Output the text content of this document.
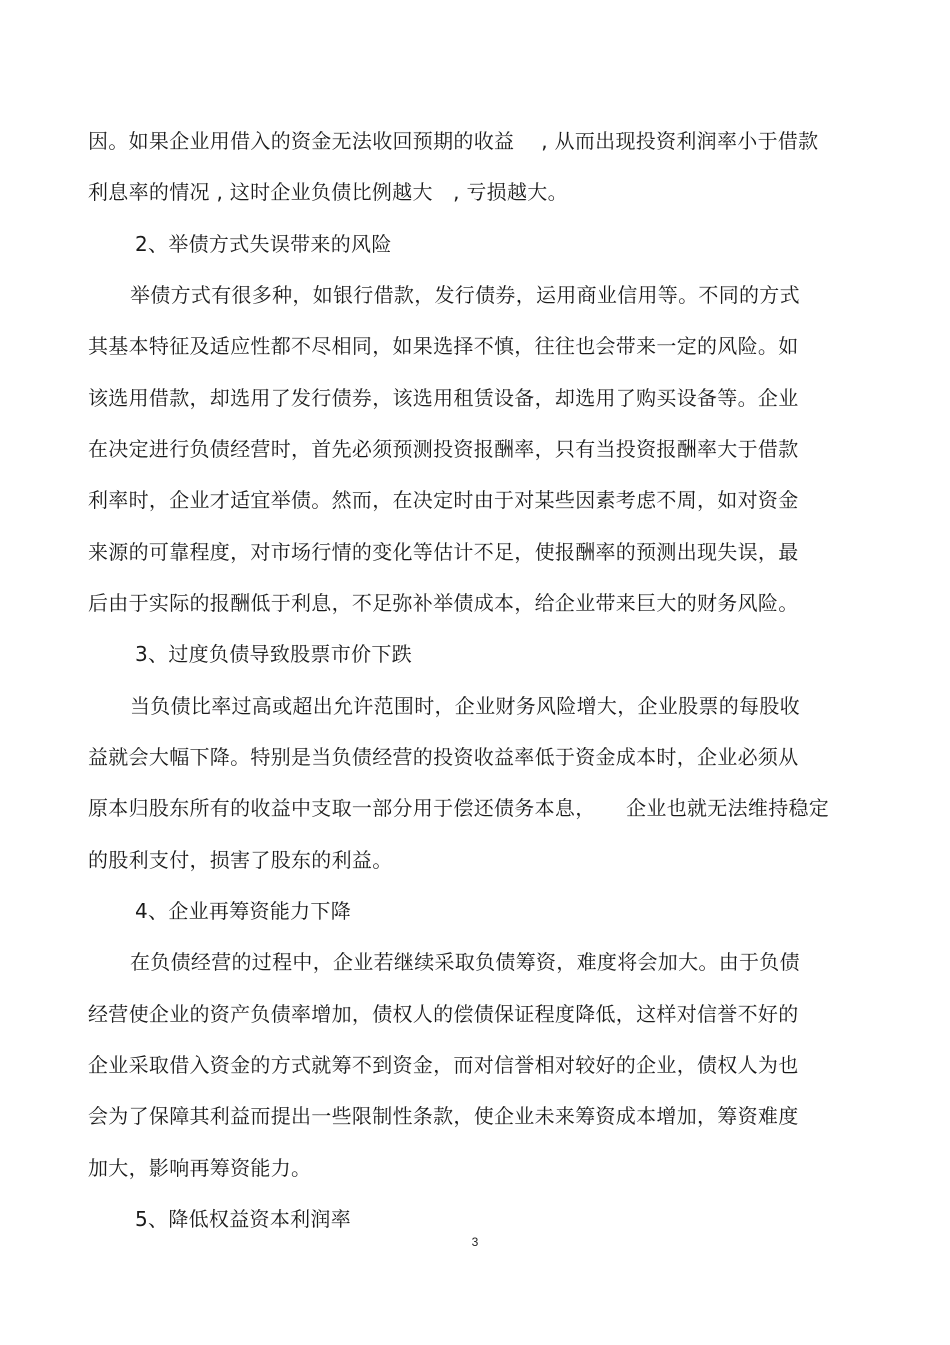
因。如果企业用借入的资金无法收回预期的收益　 , 从而出现投资利润率小于借款
利息率的情况 , 这时企业负债比例越大　, 亏损越大。
2、举债方式失误带来的风险
举债方式有很多种，如银行借款，发行债券，运用商业信用等。不同的方式
其基本特征及适应性都不尽相同，如果选择不慎，往往也会带来一定的风险。如
该选用借款，却选用了发行债券，该选用租赁设备，却选用了购买设备等。企业
在决定进行负债经营时，首先必须预测投资报酬率，只有当投资报酬率大于借款
利率时，企业才适宜举债。然而，在决定时由于对某些因素考虑不周，如对资金
来源的可靠程度，对市场行情的变化等估计不足，使报酬率的预测出现失误，最
后由于实际的报酬低于利息，不足弥补举债成本，给企业带来巨大的财务风险。
3、过度负债导致股票市价下跌
当负债比率过高或超出允许范围时，企业财务风险增大，企业股票的每股收
益就会大幅下降。特别是当负债经营的投资收益率低于资金成本时，企业必须从
原本归股东所有的收益中支取一部分用于偿还债务本息，　　企业也就无法维持稳定
的股利支付，损害了股东的利益。
4、企业再筹资能力下降
在负债经营的过程中，企业若继续采取负债筹资，难度将会加大。由于负债
经营使企业的资产负债率增加，债权人的偿债保证程度降低，这样对信誉不好的
企业采取借入资金的方式就筹不到资金，而对信誉相对较好的企业，债权人为也
会为了保障其利益而提出一些限制性条款，使企业未来筹资成本增加，筹资难度
加大，影响再筹资能力。
5、降低权益资本利润率
3
